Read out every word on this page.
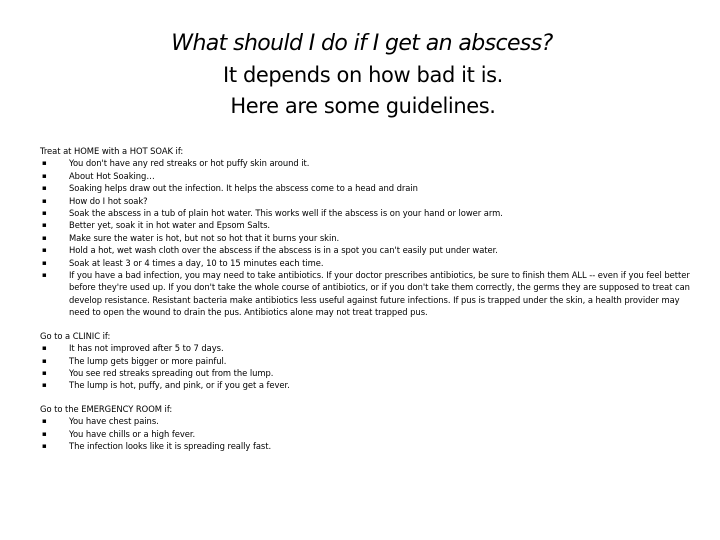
What should I do if I get an abscess?
It depends on how bad it is.
Here are some guidelines.
Treat at HOME with a HOT SOAK if:
▪	You don't have any red streaks or hot puffy skin around it.
▪	About Hot Soaking…
▪	Soaking helps draw out the infection. It helps the abscess come to a head and drain
▪	How do I hot soak?
▪	Soak the abscess in a tub of plain hot water. This works well if the abscess is on your hand or lower arm.
▪	Better yet, soak it in hot water and Epsom Salts.
▪	Make sure the water is hot, but not so hot that it burns your skin.
▪	Hold a hot, wet wash cloth over the abscess if the abscess is in a spot you can't easily put under water.
▪	Soak at least 3 or 4 times a day, 10 to 15 minutes each time.
▪	If you have a bad infection, you may need to take antibiotics. If your doctor prescribes antibiotics, be sure to finish them ALL -- even if you feel better before they're used up. If you don't take the whole course of antibiotics, or if you don't take them correctly, the germs they are supposed to treat can develop resistance. Resistant bacteria make antibiotics less useful against future infections. If pus is trapped under the skin, a health provider may need to open the wound to drain the pus. Antibiotics alone may not treat trapped pus.
Go to a CLINIC if:
▪	It has not improved after 5 to 7 days.
▪	The lump gets bigger or more painful.
▪	You see red streaks spreading out from the lump.
▪	The lump is hot, puffy, and pink, or if you get a fever.
Go to the EMERGENCY ROOM if:
▪	You have chest pains.
▪	You have chills or a high fever.
▪	The infection looks like it is spreading really fast.
